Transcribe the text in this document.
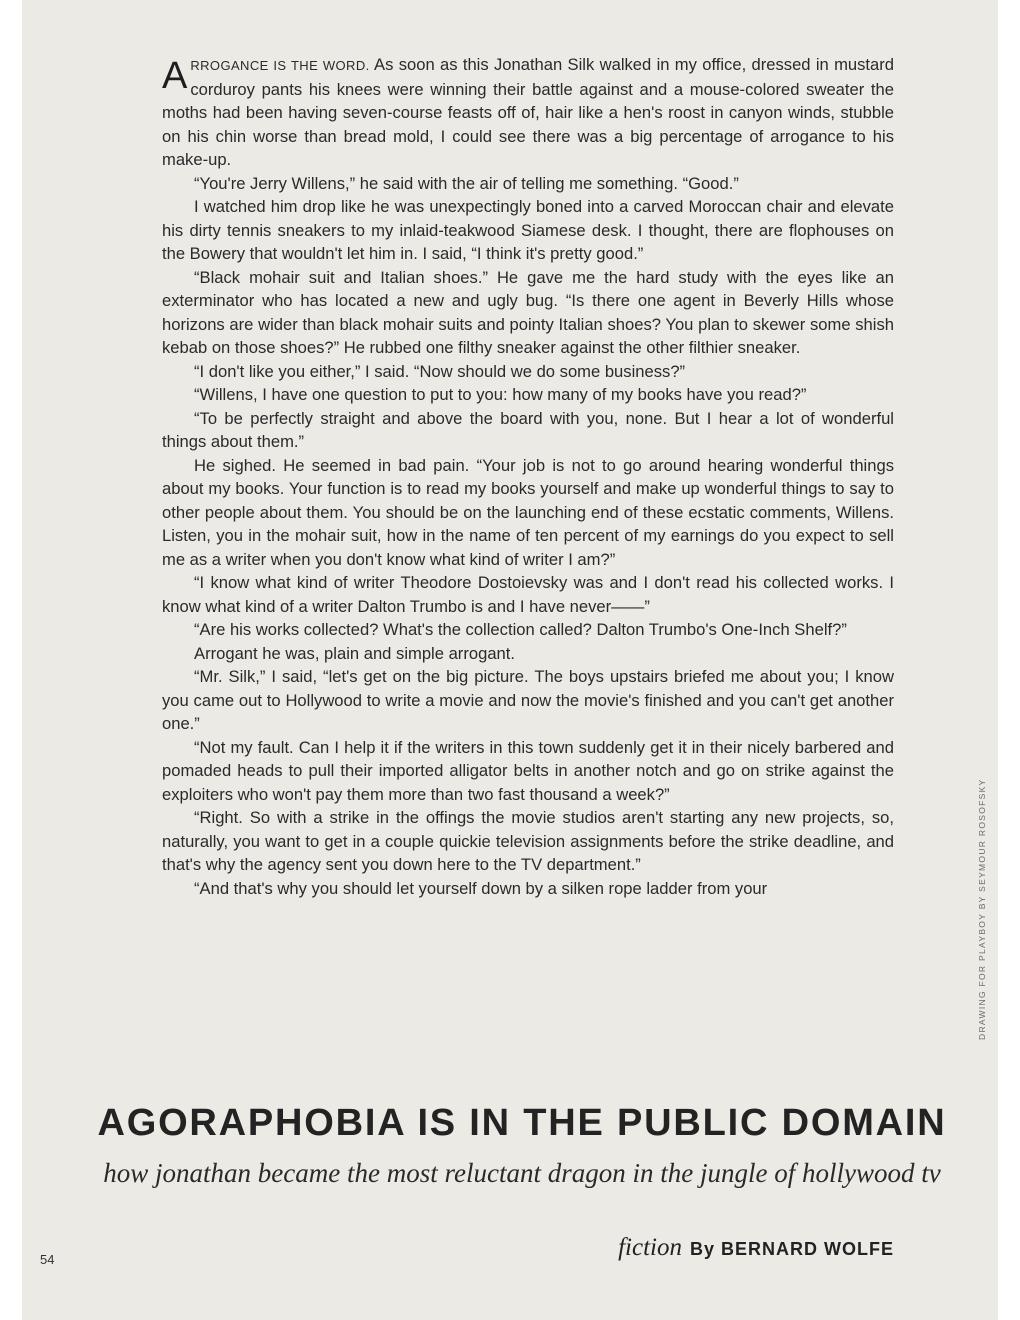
ARROGANCE IS THE WORD. As soon as this Jonathan Silk walked in my office, dressed in mustard corduroy pants his knees were winning their battle against and a mouse-colored sweater the moths had been having seven-course feasts off of, hair like a hen's roost in canyon winds, stubble on his chin worse than bread mold, I could see there was a big percentage of arrogance to his make-up.

“You're Jerry Willens,” he said with the air of telling me something. “Good.”

I watched him drop like he was unexpectingly boned into a carved Moroccan chair and elevate his dirty tennis sneakers to my inlaid-teakwood Siamese desk. I thought, there are flophouses on the Bowery that wouldn't let him in. I said, “I think it's pretty good.”

“Black mohair suit and Italian shoes.” He gave me the hard study with the eyes like an exterminator who has located a new and ugly bug. “Is there one agent in Beverly Hills whose horizons are wider than black mohair suits and pointy Italian shoes? You plan to skewer some shish kebab on those shoes?” He rubbed one filthy sneaker against the other filthier sneaker.

“I don't like you either,” I said. “Now should we do some business?”

“Willens, I have one question to put to you: how many of my books have you read?”

“To be perfectly straight and above the board with you, none. But I hear a lot of wonderful things about them.”

He sighed. He seemed in bad pain. “Your job is not to go around hearing wonderful things about my books. Your function is to read my books yourself and make up wonderful things to say to other people about them. You should be on the launching end of these ecstatic comments, Willens. Listen, you in the mohair suit, how in the name of ten percent of my earnings do you expect to sell me as a writer when you don't know what kind of writer I am?”

“I know what kind of writer Theodore Dostoievsky was and I don't read his collected works. I know what kind of a writer Dalton Trumbo is and I have never——”

“Are his works collected? What's the collection called? Dalton Trumbo's One-Inch Shelf?”

Arrogant he was, plain and simple arrogant.

“Mr. Silk,” I said, “let's get on the big picture. The boys upstairs briefed me about you; I know you came out to Hollywood to write a movie and now the movie's finished and you can't get another one.”

“Not my fault. Can I help it if the writers in this town suddenly get it in their nicely barbered and pomaded heads to pull their imported alligator belts in another notch and go on strike against the exploiters who won't pay them more than two fast thousand a week?”

“Right. So with a strike in the offings the movie studios aren't starting any new projects, so, naturally, you want to get in a couple quickie television assignments before the strike deadline, and that's why the agency sent you down here to the TV department.”

“And that's why you should let yourself down by a silken rope ladder from your	DRAWING FOR PLAYBOY BY SEYMOUR ROSOFSKY
AGORAPHOBIA IS IN THE PUBLIC DOMAIN
how jonathan became the most reluctant dragon in the jungle of hollywood tv
fiction By BERNARD WOLFE
54
